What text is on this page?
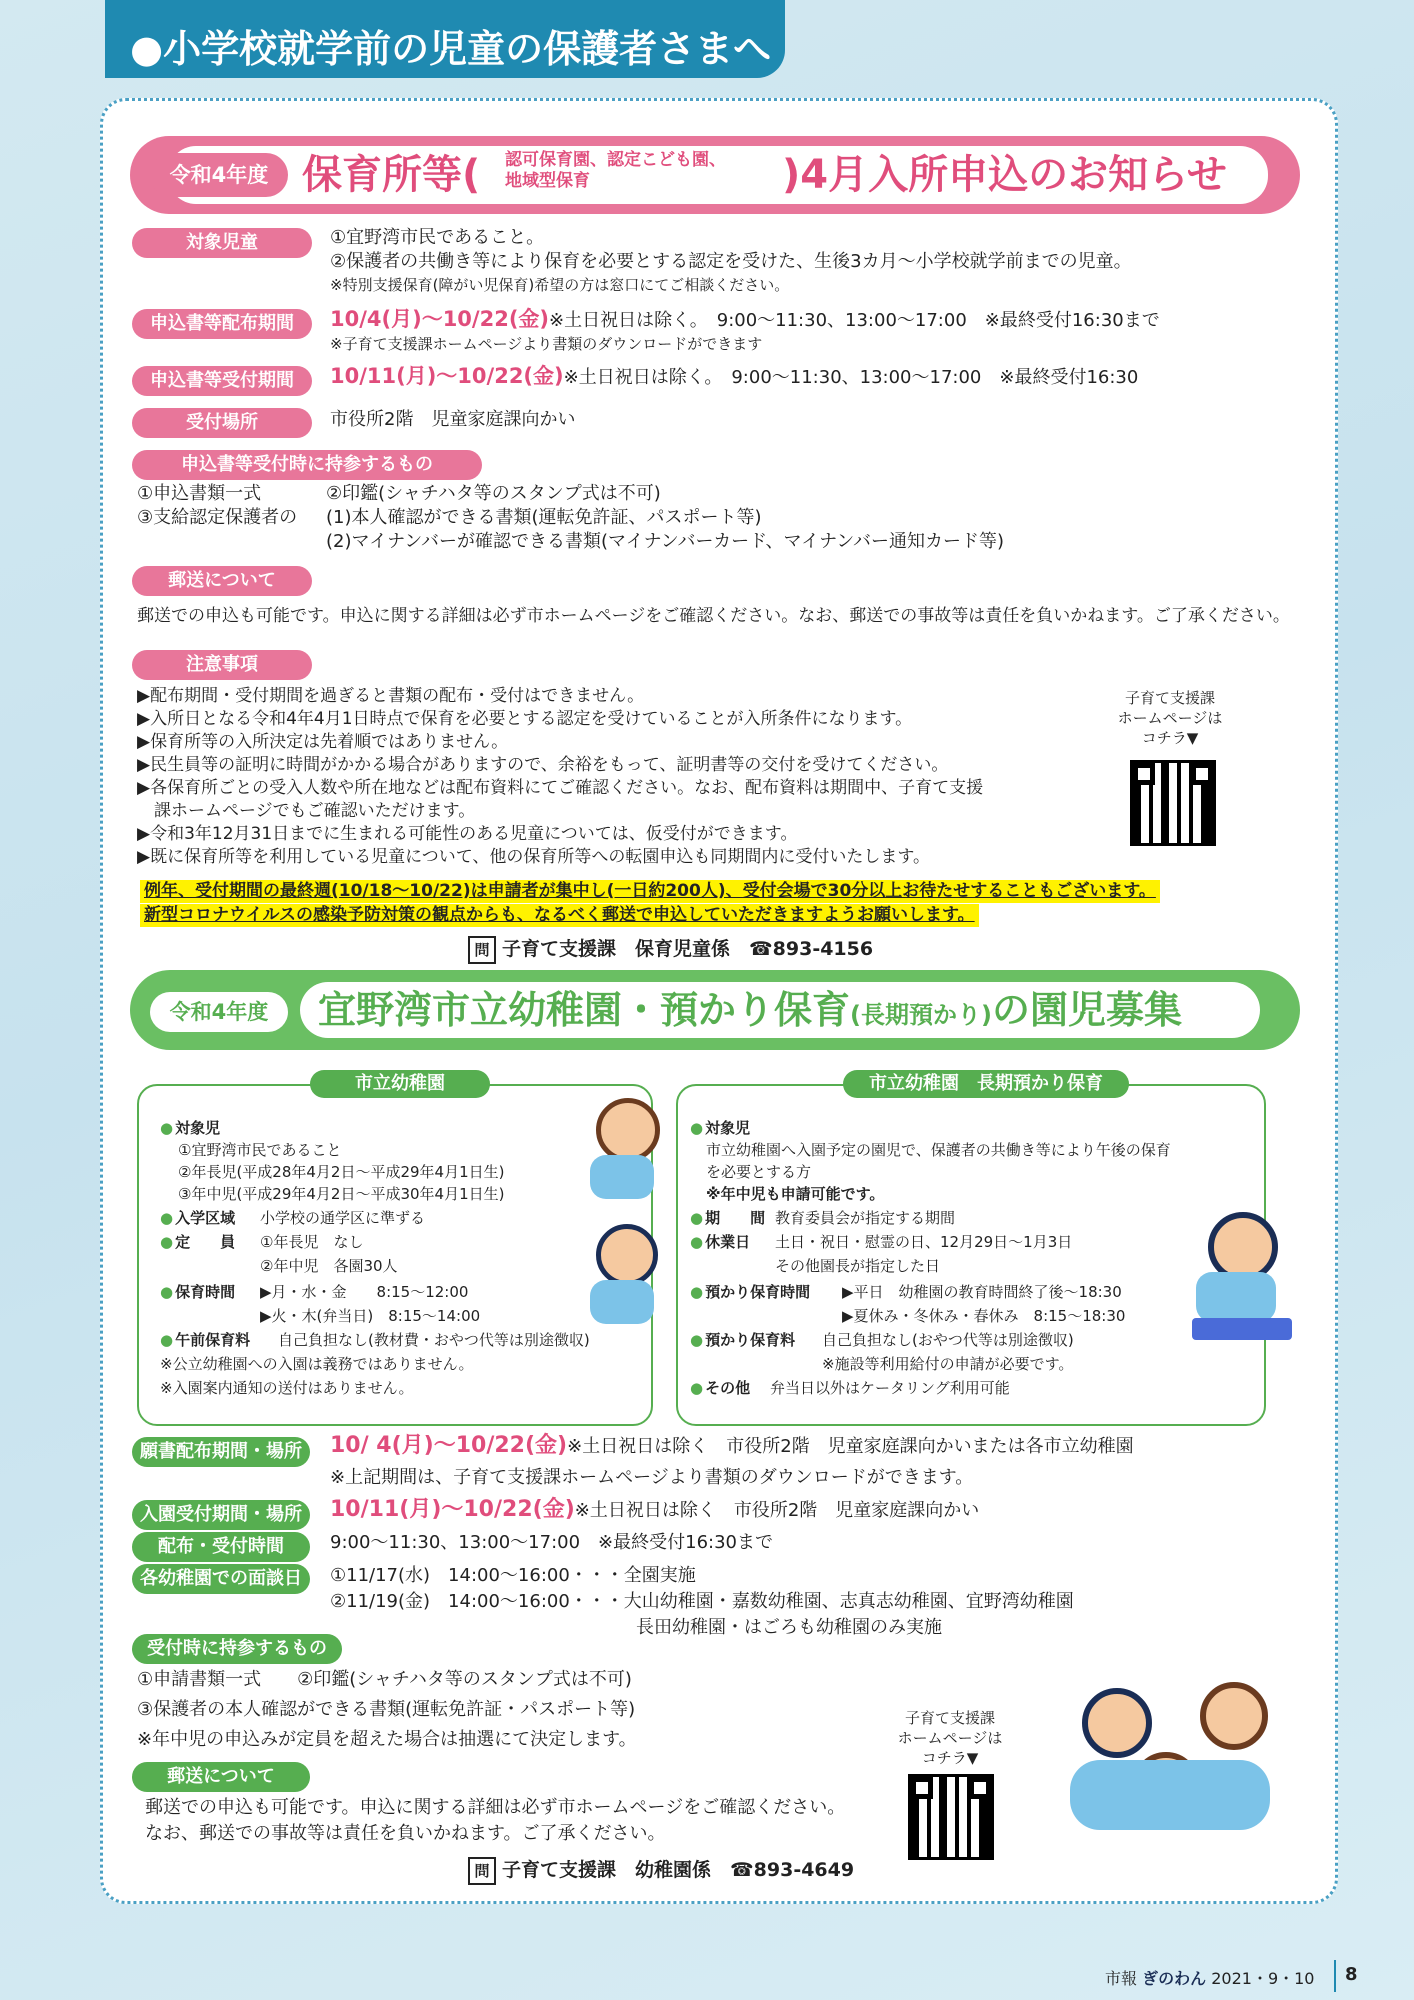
●小学校就学前の児童の保護者さまへ
令和4年度 保育所等( 認可保育園、認定こども園、
地域型保育	)4月入所申込のお知らせ
対象児童	①宜野湾市民であること。
②保護者の共働き等により保育を必要とする認定を受けた、生後3カ月～小学校就学前までの児童。
※特別支援保育(障がい児保育)希望の方は窓口にてご相談ください。
申込書等配布期間	10/4(月)～10/22(金)※土日祝日は除く。　9:00～11:30、13:00～17:00　※最終受付16:30まで
※子育て支援課ホームページより書類のダウンロードができます
申込書等受付期間	10/11(月)～10/22(金)※土日祝日は除く。　9:00～11:30、13:00～17:00　※最終受付16:30
受付場所	市役所2階　児童家庭課向かい
申込書等受付時に持参するもの
①申込書類一式	②印鑑(シャチハタ等のスタンプ式は不可)
③支給認定保護者の (1)本人確認ができる書類(運転免許証、パスポート等)
(2)マイナンバーが確認できる書類(マイナンバーカード、マイナンバー通知カード等)
郵送について
郵送での申込も可能です。申込に関する詳細は必ず市ホームページをご確認ください。なお、郵送での事故等は責任を負いかねます。ご了承ください。
注意事項
▶配布期間・受付期間を過ぎると書類の配布・受付はできません。
▶入所日となる令和4年4月1日時点で保育を必要とする認定を受けていることが入所条件になります。
▶保育所等の入所決定は先着順ではありません。
▶民生員等の証明に時間がかかる場合がありますので、余裕をもって、証明書等の交付を受けてください。
▶各保育所ごとの受入人数や所在地などは配布資料にてご確認ください。なお、配布資料は期間中、子育て支援
　課ホームページでもご確認いただけます。
▶令和3年12月31日までに生まれる可能性のある児童については、仮受付ができます。
▶既に保育所等を利用している児童について、他の保育所等への転園申込も同期間内に受付いたします。
子育て支援課
ホームページは
コチラ▼
例年、受付期間の最終週(10/18～10/22)は申請者が集中し(一日約200人)、受付会場で30分以上お待たせすることもございます。
新型コロナウイルスの感染予防対策の観点からも、なるべく郵送で申込していただきますようお願いします。
問 子育て支援課　保育児童係　☎893-4156
令和4年度	宜野湾市立幼稚園・預かり保育(長期預かり)の園児募集
市立幼稚園
● 対象児
①宜野湾市民であること
②年長児(平成28年4月2日～平成29年4月1日生)
③年中児(平成29年4月2日～平成30年4月1日生)
● 入学区域 小学校の通学区に準ずる
● 定　　員 ①年長児　なし
②年中児　各園30人
● 保育時間 ▶月・水・金　　8:15～12:00
▶火・木(弁当日)　8:15～14:00
● 午前保育料 自己負担なし(教材費・おやつ代等は別途徴収)
※公立幼稚園への入園は義務ではありません。
※入園案内通知の送付はありません。
市立幼稚園　長期預かり保育
● 対象児
市立幼稚園へ入園予定の園児で、保護者の共働き等により午後の保育
を必要とする方
※年中児も申請可能です。
● 期　　間 教育委員会が指定する期間
● 休業日 土日・祝日・慰霊の日、12月29日～1月3日
その他園長が指定した日
● 預かり保育時間 ▶平日　幼稚園の教育時間終了後～18:30
▶夏休み・冬休み・春休み　8:15～18:30
● 預かり保育料 自己負担なし(おやつ代等は別途徴収)
※施設等利用給付の申請が必要です。
● その他 弁当日以外はケータリング利用可能
願書配布期間・場所	10/ 4(月)～10/22(金)※土日祝日は除く　市役所2階　児童家庭課向かいまたは各市立幼稚園
※上記期間は、子育て支援課ホームページより書類のダウンロードができます。
入園受付期間・場所	10/11(月)～10/22(金)※土日祝日は除く　市役所2階　児童家庭課向かい
配布・受付時間	9:00～11:30、13:00～17:00　※最終受付16:30まで
各幼稚園での面談日	①11/17(水)　14:00～16:00・・・全園実施
②11/19(金)　14:00～16:00・・・大山幼稚園・嘉数幼稚園、志真志幼稚園、宜野湾幼稚園
長田幼稚園・はごろも幼稚園のみ実施
受付時に持参するもの
①申請書類一式　　②印鑑(シャチハタ等のスタンプ式は不可)
③保護者の本人確認ができる書類(運転免許証・パスポート等)
※年中児の申込みが定員を超えた場合は抽選にて決定します。
郵送について
郵送での申込も可能です。申込に関する詳細は必ず市ホームページをご確認ください。
なお、郵送での事故等は責任を負いかねます。ご了承ください。
問 子育て支援課　幼稚園係　☎893-4649
子育て支援課
ホームページは
コチラ▼
市報 ぎのわん 2021・9・10 8
